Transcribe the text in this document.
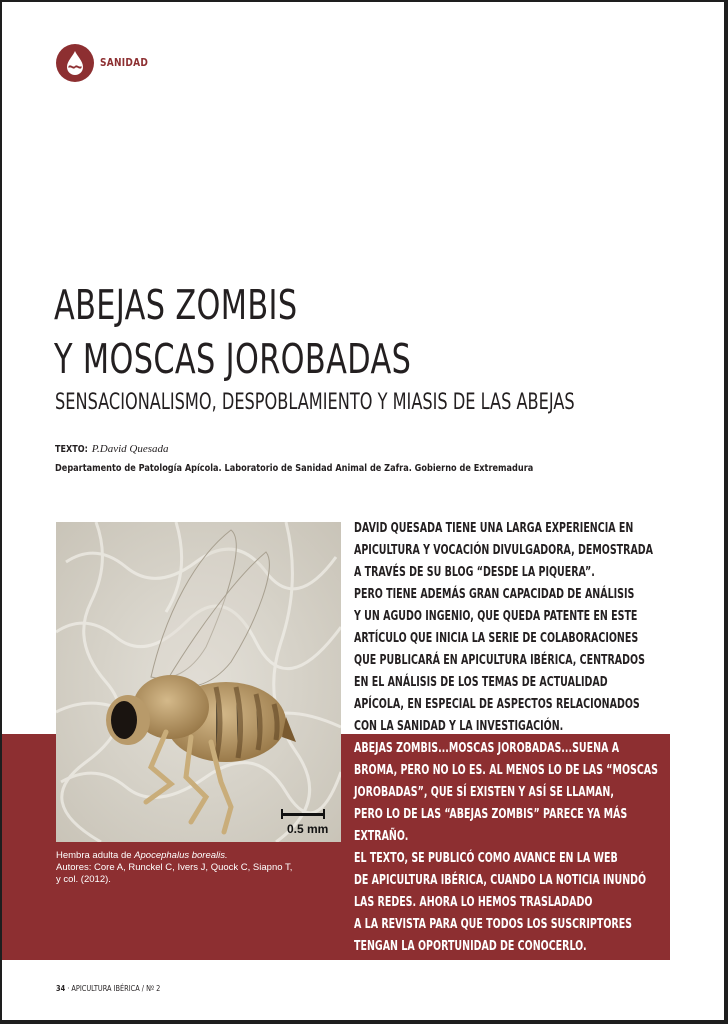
SANIDAD
ABEJAS ZOMBIS
Y MOSCAS JOROBADAS
SENSACIONALISMO, DESPOBLAMIENTO Y MIASIS DE LAS ABEJAS
TEXTO: P.David Quesada
Departamento de Patología Apícola. Laboratorio de Sanidad Animal de Zafra. Gobierno de Extremadura
0.5 mm
Hembra adulta de Apocephalus borealis.
Autores: Core A, Runckel C, Ivers J, Quock C, Siapno T,
y col. (2012).
DAVID QUESADA TIENE UNA LARGA EXPERIENCIA EN
APICULTURA Y VOCACIÓN DIVULGADORA, DEMOSTRADA
A TRAVÉS DE SU BLOG “DESDE LA PIQUERA”.
PERO TIENE ADEMÁS GRAN CAPACIDAD DE ANÁLISIS
Y UN AGUDO INGENIO, QUE QUEDA PATENTE EN ESTE
ARTÍCULO QUE INICIA LA SERIE DE COLABORACIONES
QUE PUBLICARÁ EN APICULTURA IBÉRICA, CENTRADOS
EN EL ANÁLISIS DE LOS TEMAS DE ACTUALIDAD
APÍCOLA, EN ESPECIAL DE ASPECTOS RELACIONADOS
CON LA SANIDAD Y LA INVESTIGACIÓN.
ABEJAS ZOMBIS...MOSCAS JOROBADAS...SUENA A
BROMA, PERO NO LO ES. AL MENOS LO DE LAS “MOSCAS
JOROBADAS”, QUE SÍ EXISTEN Y ASÍ SE LLAMAN,
PERO LO DE LAS “ABEJAS ZOMBIS” PARECE YA MÁS
EXTRAÑO.
EL TEXTO, SE PUBLICÓ COMO AVANCE EN LA WEB
DE APICULTURA IBÉRICA, CUANDO LA NOTICIA INUNDÓ
LAS REDES. AHORA LO HEMOS TRASLADADO
A LA REVISTA PARA QUE TODOS LOS SUSCRIPTORES
TENGAN LA OPORTUNIDAD DE CONOCERLO.
34 · APICULTURA IBÉRICA / Nº 2
